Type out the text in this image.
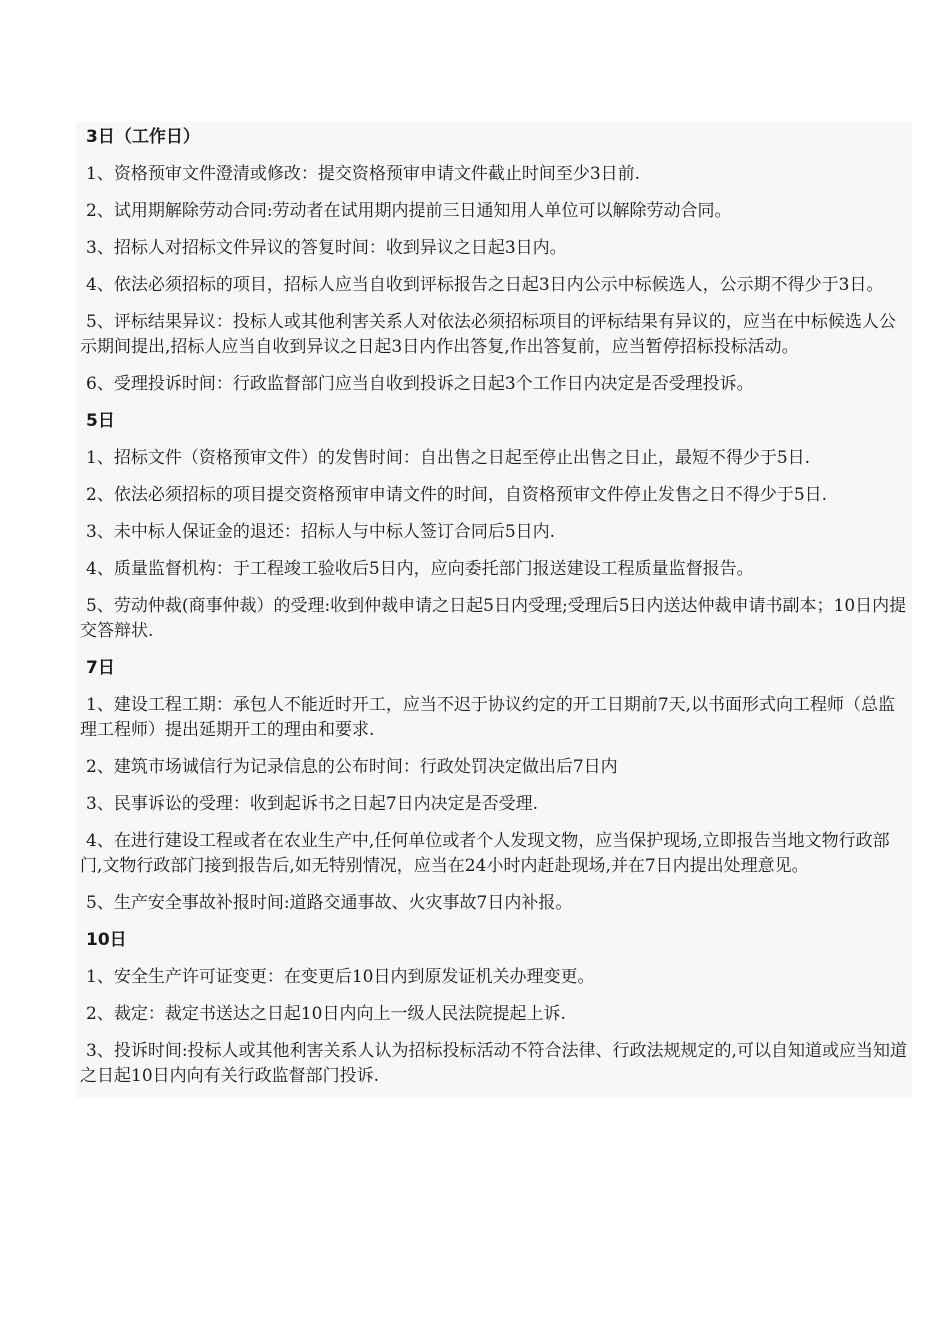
3日（工作日）
1、资格预审文件澄清或修改：提交资格预审申请文件截止时间至少3日前.
2、试用期解除劳动合同:劳动者在试用期内提前三日通知用人单位可以解除劳动合同。
3、招标人对招标文件异议的答复时间：收到异议之日起3日内。
4、依法必须招标的项目，招标人应当自收到评标报告之日起3日内公示中标候选人，公示期不得少于3日。
5、评标结果异议：投标人或其他利害关系人对依法必须招标项目的评标结果有异议的，应当在中标候选人公示期间提出,招标人应当自收到异议之日起3日内作出答复,作出答复前，应当暂停招标投标活动。
6、受理投诉时间：行政监督部门应当自收到投诉之日起3个工作日内决定是否受理投诉。
5日
1、招标文件（资格预审文件）的发售时间：自出售之日起至停止出售之日止，最短不得少于5日.
2、依法必须招标的项目提交资格预审申请文件的时间，自资格预审文件停止发售之日不得少于5日.
3、未中标人保证金的退还：招标人与中标人签订合同后5日内.
4、质量监督机构：于工程竣工验收后5日内，应向委托部门报送建设工程质量监督报告。
5、劳动仲裁(商事仲裁）的受理:收到仲裁申请之日起5日内受理;受理后5日内送达仲裁申请书副本；10日内提交答辩状.
7日
1、建设工程工期：承包人不能近时开工，应当不迟于协议约定的开工日期前7天,以书面形式向工程师（总监理工程师）提出延期开工的理由和要求.
2、建筑市场诚信行为记录信息的公布时间：行政处罚决定做出后7日内
3、民事诉讼的受理：收到起诉书之日起7日内决定是否受理.
4、在进行建设工程或者在农业生产中,任何单位或者个人发现文物，应当保护现场,立即报告当地文物行政部门,文物行政部门接到报告后,如无特别情况，应当在24小时内赶赴现场,并在7日内提出处理意见。
5、生产安全事故补报时间:道路交通事故、火灾事故7日内补报。
10日
1、安全生产许可证变更：在变更后10日内到原发证机关办理变更。
2、裁定：裁定书送达之日起10日内向上一级人民法院提起上诉.
3、投诉时间:投标人或其他利害关系人认为招标投标活动不符合法律、行政法规规定的,可以自知道或应当知道之日起10日内向有关行政监督部门投诉.
